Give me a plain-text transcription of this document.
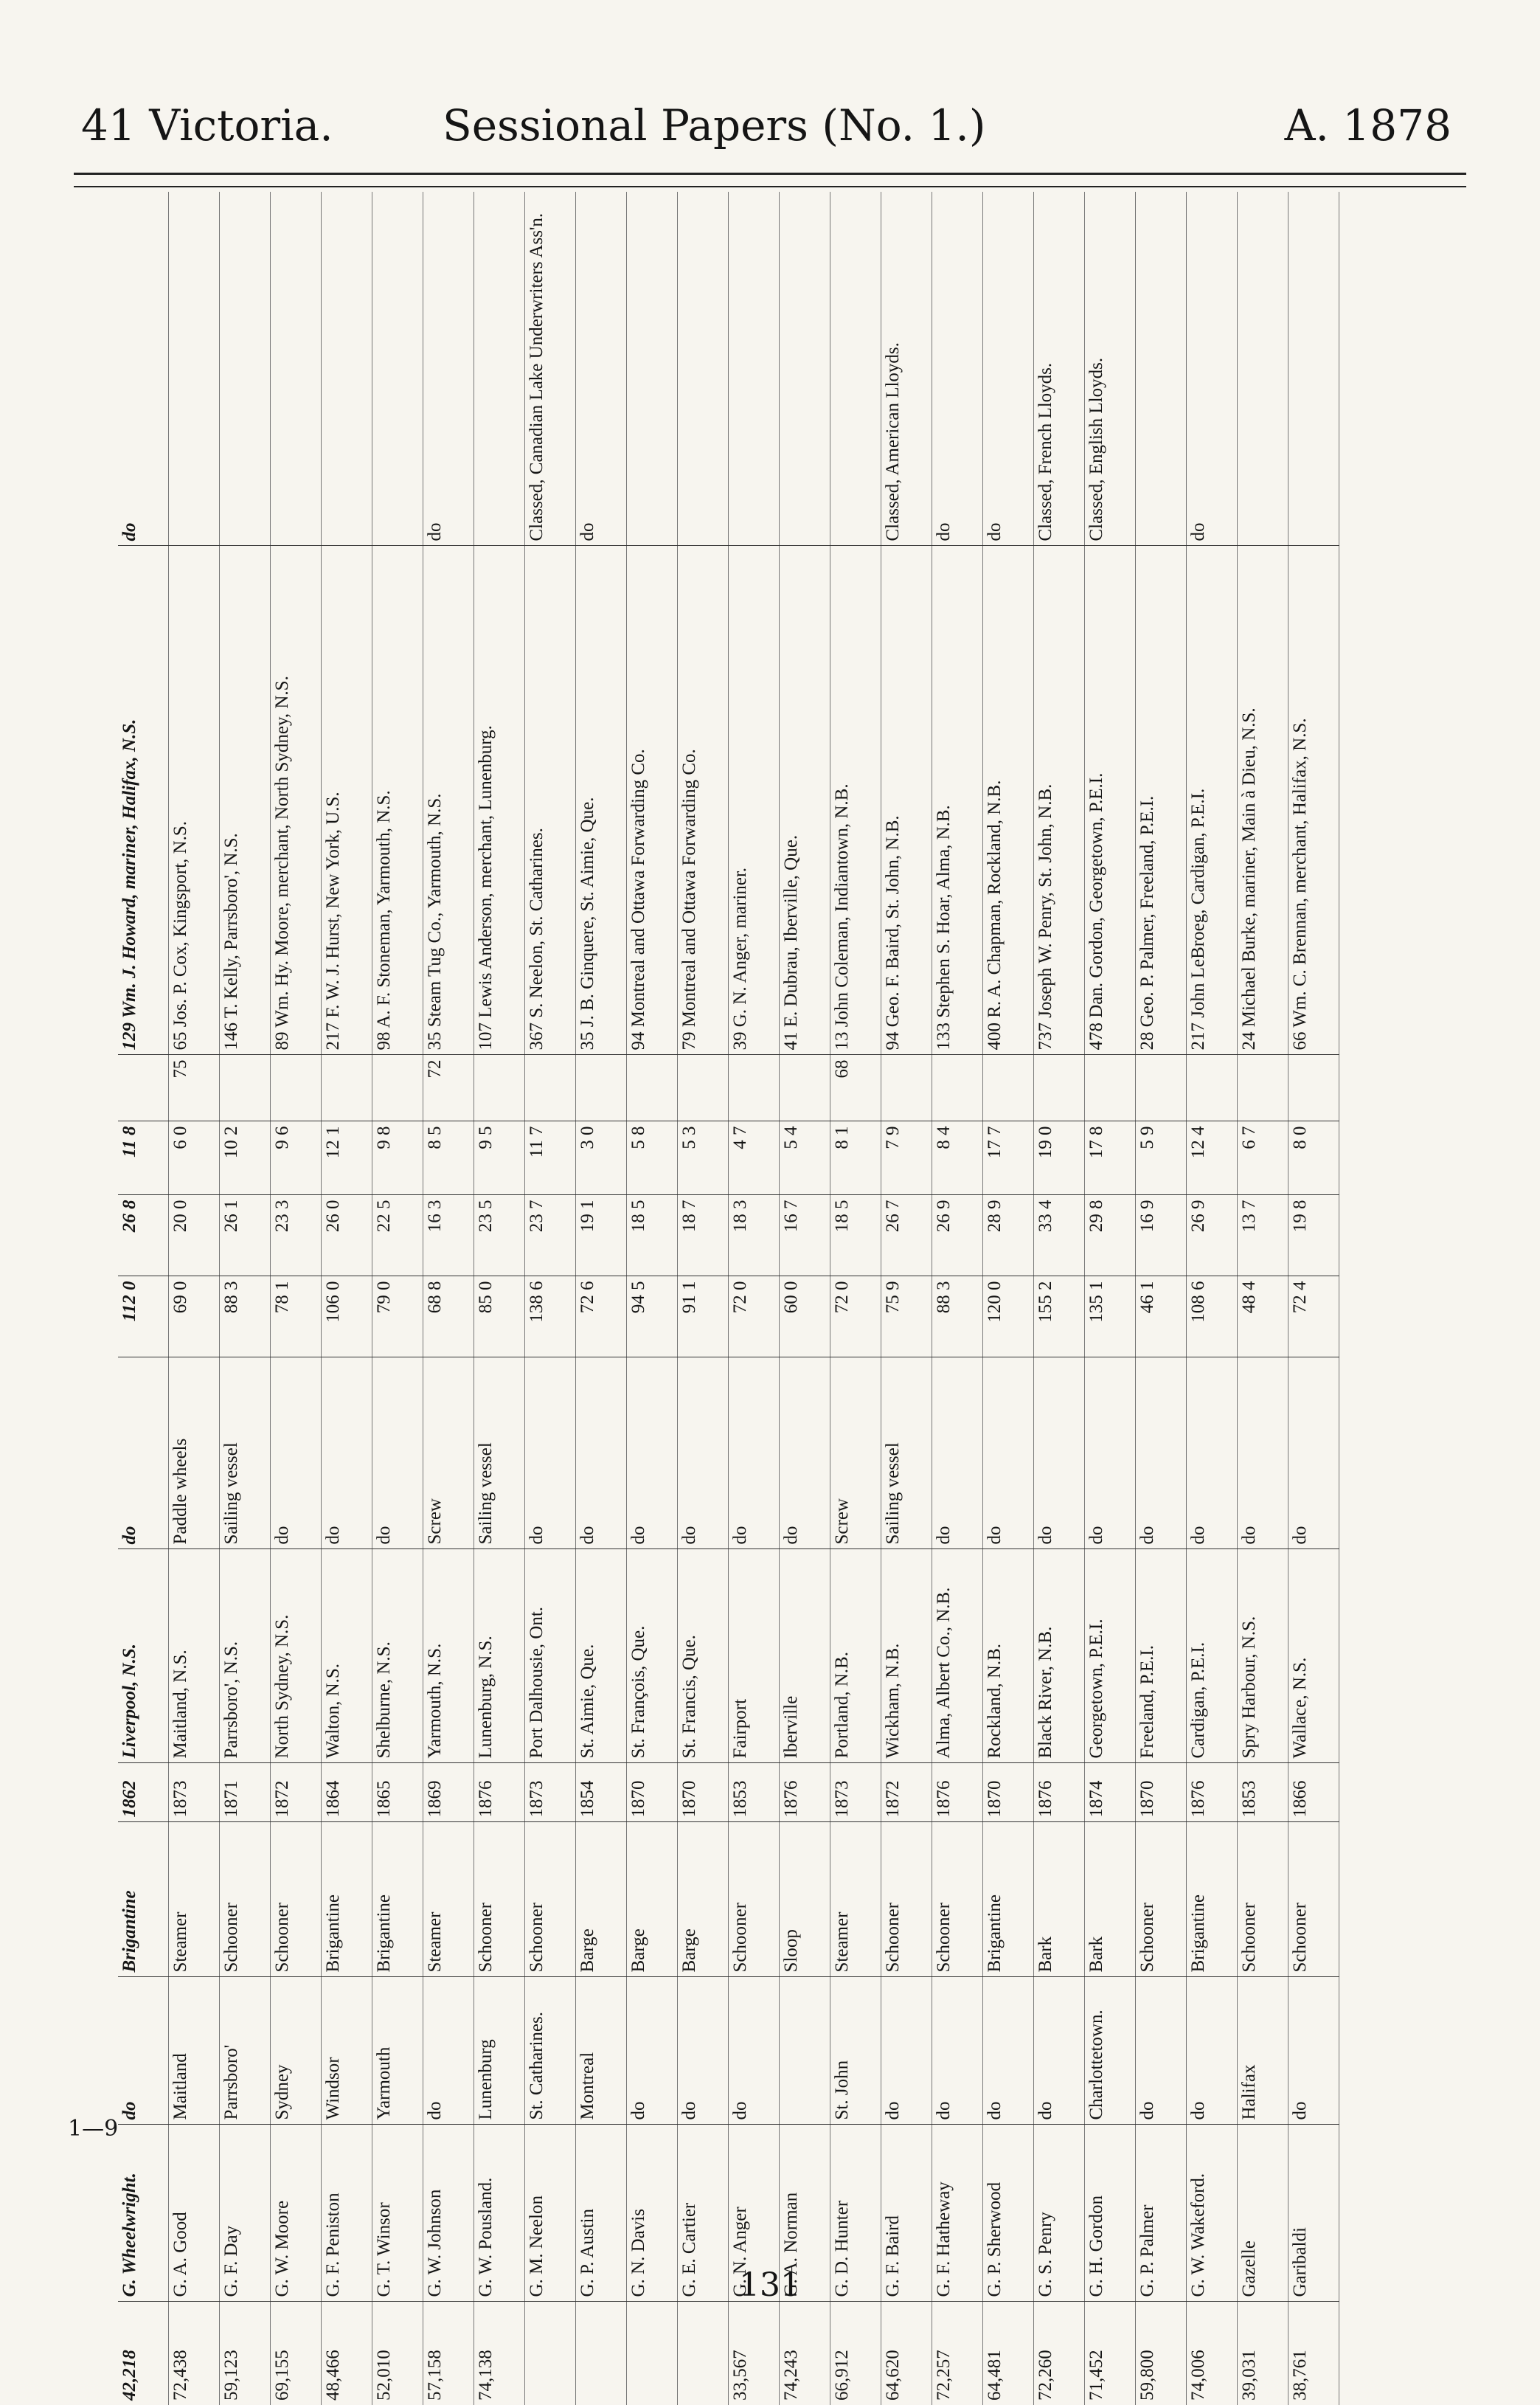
41 Victoria.	Sessional Papers (No. 1.)	A. 1878
42,218	G. Wheelwright.	do	Brigantine	1862	Liverpool, N.S.	do	112 0	26 8	11 8		129 Wm. J. Howard, mariner, Halifax, N.S.	do
72,438	G. A. Good	Maitland	Steamer	1873	Maitland, N.S.	Paddle wheels	69 0	20 0	6 0	75	65 Jos. P. Cox, Kingsport, N.S.	
59,123	G. F. Day	Parrsboro'	Schooner	1871	Parrsboro', N.S.	Sailing vessel	88 3	26 1	10 2		146 T. Kelly, Parrsboro', N.S.	
69,155	G. W. Moore	Sydney	Schooner	1872	North Sydney, N.S.	do	78 1	23 3	9 6		89 Wm. Hy. Moore, merchant, North Sydney, N.S.	
48,466	G. F. Peniston	Windsor	Brigantine	1864	Walton, N.S.	do	106 0	26 0	12 1		217 F. W. J. Hurst, New York, U.S.	
52,010	G. T. Winsor	Yarmouth	Brigantine	1865	Shelburne, N.S.	do	79 0	22 5	9 8		98 A. F. Stoneman, Yarmouth, N.S.	
57,158	G. W. Johnson	do	Steamer	1869	Yarmouth, N.S.	Screw	68 8	16 3	8 5	72	35 Steam Tug Co., Yarmouth, N.S.	do
74,138	G. W. Pousland.	Lunenburg	Schooner	1876	Lunenburg, N.S.	Sailing vessel	85 0	23 5	9 5		107 Lewis Anderson, merchant, Lunenburg.	
	G. M. Neelon	St. Catharines.	Schooner	1873	Port Dalhousie, Ont.	do	138 6	23 7	11 7		367 S. Neelon, St. Catharines.	Classed, Canadian Lake Underwriters Ass'n.
	G. P. Austin	Montreal	Barge	1854	St. Aimie, Que.	do	72 6	19 1	3 0		35 J. B. Ginquere, St. Aimie, Que.	do
	G. N. Davis	do	Barge	1870	St. François, Que.	do	94 5	18 5	5 8		94 Montreal and Ottawa Forwarding Co.	
	G. E. Cartier	do	Barge	1870	St. Francis, Que.	do	91 1	18 7	5 3		79 Montreal and Ottawa Forwarding Co.	
33,567	G. N. Anger	do	Schooner	1853	Fairport	do	72 0	18 3	4 7		39 G. N. Anger, mariner.	
74,243	G. A. Norman		Sloop	1876	Iberville	do	60 0	16 7	5 4		41 E. Dubrau, Iberville, Que.	
66,912	G. D. Hunter	St. John	Steamer	1873	Portland, N.B.	Screw	72 0	18 5	8 1	68	13 John Coleman, Indiantown, N.B.	
64,620	G. F. Baird	do	Schooner	1872	Wickham, N.B.	Sailing vessel	75 9	26 7	7 9		94 Geo. F. Baird, St. John, N.B.	Classed, American Lloyds.
72,257	G. F. Hatheway	do	Schooner	1876	Alma, Albert Co., N.B.	do	88 3	26 9	8 4		133 Stephen S. Hoar, Alma, N.B.	do
64,481	G. P. Sherwood	do	Brigantine	1870	Rockland, N.B.	do	120 0	28 9	17 7		400 R. A. Chapman, Rockland, N.B.	do
72,260	G. S. Penry	do	Bark	1876	Black River, N.B.	do	155 2	33 4	19 0		737 Joseph W. Penry, St. John, N.B.	Classed, French Lloyds.
71,452	G. H. Gordon	Charlottetown.	Bark	1874	Georgetown, P.E.I.	do	135 1	29 8	17 8		478 Dan. Gordon, Georgetown, P.E.I.	Classed, English Lloyds.
59,800	G. P. Palmer	do	Schooner	1870	Freeland, P.E.I.	do	46 1	16 9	5 9		28 Geo. P. Palmer, Freeland, P.E.I.	
74,006	G. W. Wakeford.	do	Brigantine	1876	Cardigan, P.E.I.	do	108 6	26 9	12 4		217 John LeBroeg, Cardigan, P.E.I.	do
39,031	Gazelle	Halifax	Schooner	1853	Spry Harbour, N.S.	do	48 4	13 7	6 7		24 Michael Burke, mariner, Main à Dieu, N.S.	
38,761	Garibaldi	do	Schooner	1866	Wallace, N.S.	do	72 4	19 8	8 0		66 Wm. C. Brennan, merchant, Halifax, N.S.	
1—9
131
